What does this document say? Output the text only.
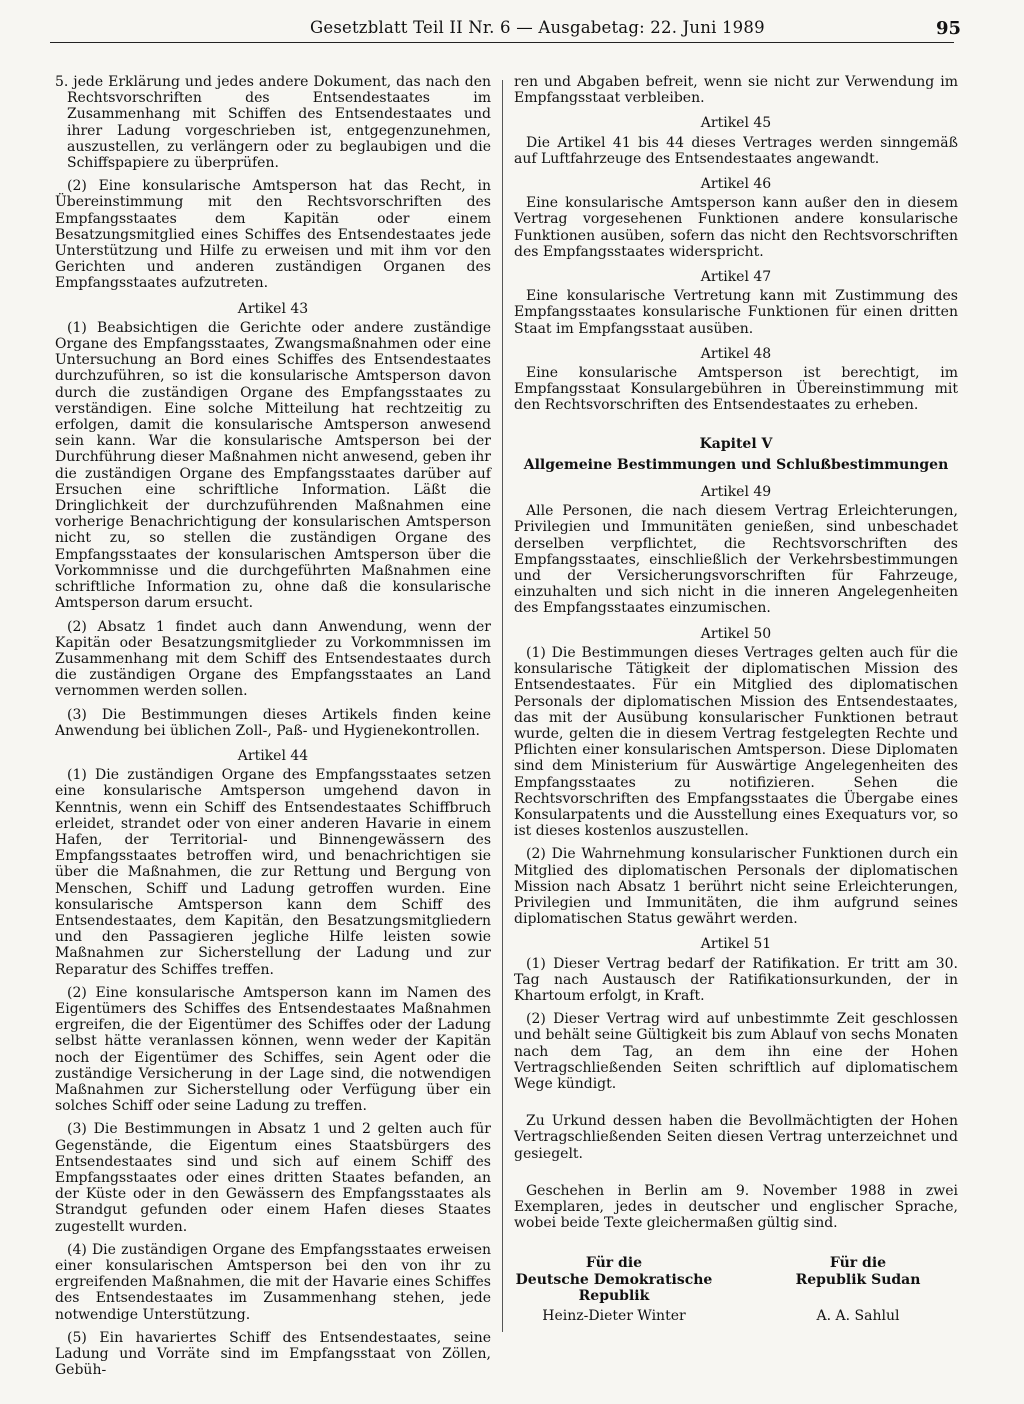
Gesetzblatt Teil II Nr. 6 — Ausgabetag: 22. Juni 1989	95

5. jede Erklärung und jedes andere Dokument, das nach den Rechtsvorschriften des Entsendestaates im Zusammenhang mit Schiffen des Entsendestaates und ihrer Ladung vorgeschrieben ist, entgegenzunehmen, auszustellen, zu verlängern oder zu beglaubigen und die Schiffspapiere zu überprüfen.

(2) Eine konsularische Amtsperson hat das Recht, in Übereinstimmung mit den Rechtsvorschriften des Empfangsstaates dem Kapitän oder einem Besatzungsmitglied eines Schiffes des Entsendestaates jede Unterstützung und Hilfe zu erweisen und mit ihm vor den Gerichten und anderen zuständigen Organen des Empfangsstaates aufzutreten.

Artikel 43

(1) Beabsichtigen die Gerichte oder andere zuständige Organe des Empfangsstaates, Zwangsmaßnahmen oder eine Untersuchung an Bord eines Schiffes des Entsendestaates durchzuführen, so ist die konsularische Amtsperson davon durch die zuständigen Organe des Empfangsstaates zu verständigen. Eine solche Mitteilung hat rechtzeitig zu erfolgen, damit die konsularische Amtsperson anwesend sein kann. War die konsularische Amtsperson bei der Durchführung dieser Maßnahmen nicht anwesend, geben ihr die zuständigen Organe des Empfangsstaates darüber auf Ersuchen eine schriftliche Information. Läßt die Dringlichkeit der durchzuführenden Maßnahmen eine vorherige Benachrichtigung der konsularischen Amtsperson nicht zu, so stellen die zuständigen Organe des Empfangsstaates der konsularischen Amtsperson über die Vorkommnisse und die durchgeführten Maßnahmen eine schriftliche Information zu, ohne daß die konsularische Amtsperson darum ersucht.

(2) Absatz 1 findet auch dann Anwendung, wenn der Kapitän oder Besatzungsmitglieder zu Vorkommnissen im Zusammenhang mit dem Schiff des Entsendestaates durch die zuständigen Organe des Empfangsstaates an Land vernommen werden sollen.

(3) Die Bestimmungen dieses Artikels finden keine Anwendung bei üblichen Zoll-, Paß- und Hygienekontrollen.

Artikel 44

(1) Die zuständigen Organe des Empfangsstaates setzen eine konsularische Amtsperson umgehend davon in Kenntnis, wenn ein Schiff des Entsendestaates Schiffbruch erleidet, strandet oder von einer anderen Havarie in einem Hafen, der Territorial- und Binnengewässern des Empfangsstaates betroffen wird, und benachrichtigen sie über die Maßnahmen, die zur Rettung und Bergung von Menschen, Schiff und Ladung getroffen wurden. Eine konsularische Amtsperson kann dem Schiff des Entsendestaates, dem Kapitän, den Besatzungsmitgliedern und den Passagieren jegliche Hilfe leisten sowie Maßnahmen zur Sicherstellung der Ladung und zur Reparatur des Schiffes treffen.

(2) Eine konsularische Amtsperson kann im Namen des Eigentümers des Schiffes des Entsendestaates Maßnahmen ergreifen, die der Eigentümer des Schiffes oder der Ladung selbst hätte veranlassen können, wenn weder der Kapitän noch der Eigentümer des Schiffes, sein Agent oder die zuständige Versicherung in der Lage sind, die notwendigen Maßnahmen zur Sicherstellung oder Verfügung über ein solches Schiff oder seine Ladung zu treffen.

(3) Die Bestimmungen in Absatz 1 und 2 gelten auch für Gegenstände, die Eigentum eines Staatsbürgers des Entsendestaates sind und sich auf einem Schiff des Empfangsstaates oder eines dritten Staates befanden, an der Küste oder in den Gewässern des Empfangsstaates als Strandgut gefunden oder einem Hafen dieses Staates zugestellt wurden.

(4) Die zuständigen Organe des Empfangsstaates erweisen einer konsularischen Amtsperson bei den von ihr zu ergreifenden Maßnahmen, die mit der Havarie eines Schiffes des Entsendestaates im Zusammenhang stehen, jede notwendige Unterstützung.

(5) Ein havariertes Schiff des Entsendestaates, seine Ladung und Vorräte sind im Empfangsstaat von Zöllen, Gebüh-

ren und Abgaben befreit, wenn sie nicht zur Verwendung im Empfangsstaat verbleiben.

Artikel 45

Die Artikel 41 bis 44 dieses Vertrages werden sinngemäß auf Luftfahrzeuge des Entsendestaates angewandt.

Artikel 46

Eine konsularische Amtsperson kann außer den in diesem Vertrag vorgesehenen Funktionen andere konsularische Funktionen ausüben, sofern das nicht den Rechtsvorschriften des Empfangsstaates widerspricht.

Artikel 47

Eine konsularische Vertretung kann mit Zustimmung des Empfangsstaates konsularische Funktionen für einen dritten Staat im Empfangsstaat ausüben.

Artikel 48

Eine konsularische Amtsperson ist berechtigt, im Empfangsstaat Konsulargebühren in Übereinstimmung mit den Rechtsvorschriften des Entsendestaates zu erheben.

Kapitel V
Allgemeine Bestimmungen und Schlußbestimmungen
Artikel 49

Alle Personen, die nach diesem Vertrag Erleichterungen, Privilegien und Immunitäten genießen, sind unbeschadet derselben verpflichtet, die Rechtsvorschriften des Empfangsstaates, einschließlich der Verkehrsbestimmungen und der Versicherungsvorschriften für Fahrzeuge, einzuhalten und sich nicht in die inneren Angelegenheiten des Empfangsstaates einzumischen.

Artikel 50

(1) Die Bestimmungen dieses Vertrages gelten auch für die konsularische Tätigkeit der diplomatischen Mission des Entsendestaates. Für ein Mitglied des diplomatischen Personals der diplomatischen Mission des Entsendestaates, das mit der Ausübung konsularischer Funktionen betraut wurde, gelten die in diesem Vertrag festgelegten Rechte und Pflichten einer konsularischen Amtsperson. Diese Diplomaten sind dem Ministerium für Auswärtige Angelegenheiten des Empfangsstaates zu notifizieren. Sehen die Rechtsvorschriften des Empfangsstaates die Übergabe eines Konsularpatents und die Ausstellung eines Exequaturs vor, so ist dieses kostenlos auszustellen.

(2) Die Wahrnehmung konsularischer Funktionen durch ein Mitglied des diplomatischen Personals der diplomatischen Mission nach Absatz 1 berührt nicht seine Erleichterungen, Privilegien und Immunitäten, die ihm aufgrund seines diplomatischen Status gewährt werden.

Artikel 51

(1) Dieser Vertrag bedarf der Ratifikation. Er tritt am 30. Tag nach Austausch der Ratifikationsurkunden, der in Khartoum erfolgt, in Kraft.

(2) Dieser Vertrag wird auf unbestimmte Zeit geschlossen und behält seine Gültigkeit bis zum Ablauf von sechs Monaten nach dem Tag, an dem ihn eine der Hohen Vertragschließenden Seiten schriftlich auf diplomatischem Wege kündigt.

Zu Urkund dessen haben die Bevollmächtigten der Hohen Vertragschließenden Seiten diesen Vertrag unterzeichnet und gesiegelt.

Geschehen in Berlin am 9. November 1988 in zwei Exemplaren, jedes in deutscher und englischer Sprache, wobei beide Texte gleichermaßen gültig sind.

Für die
Deutsche Demokratische
Republik
Heinz-Dieter Winter
Für die
Republik Sudan

A. A. Sahlul
